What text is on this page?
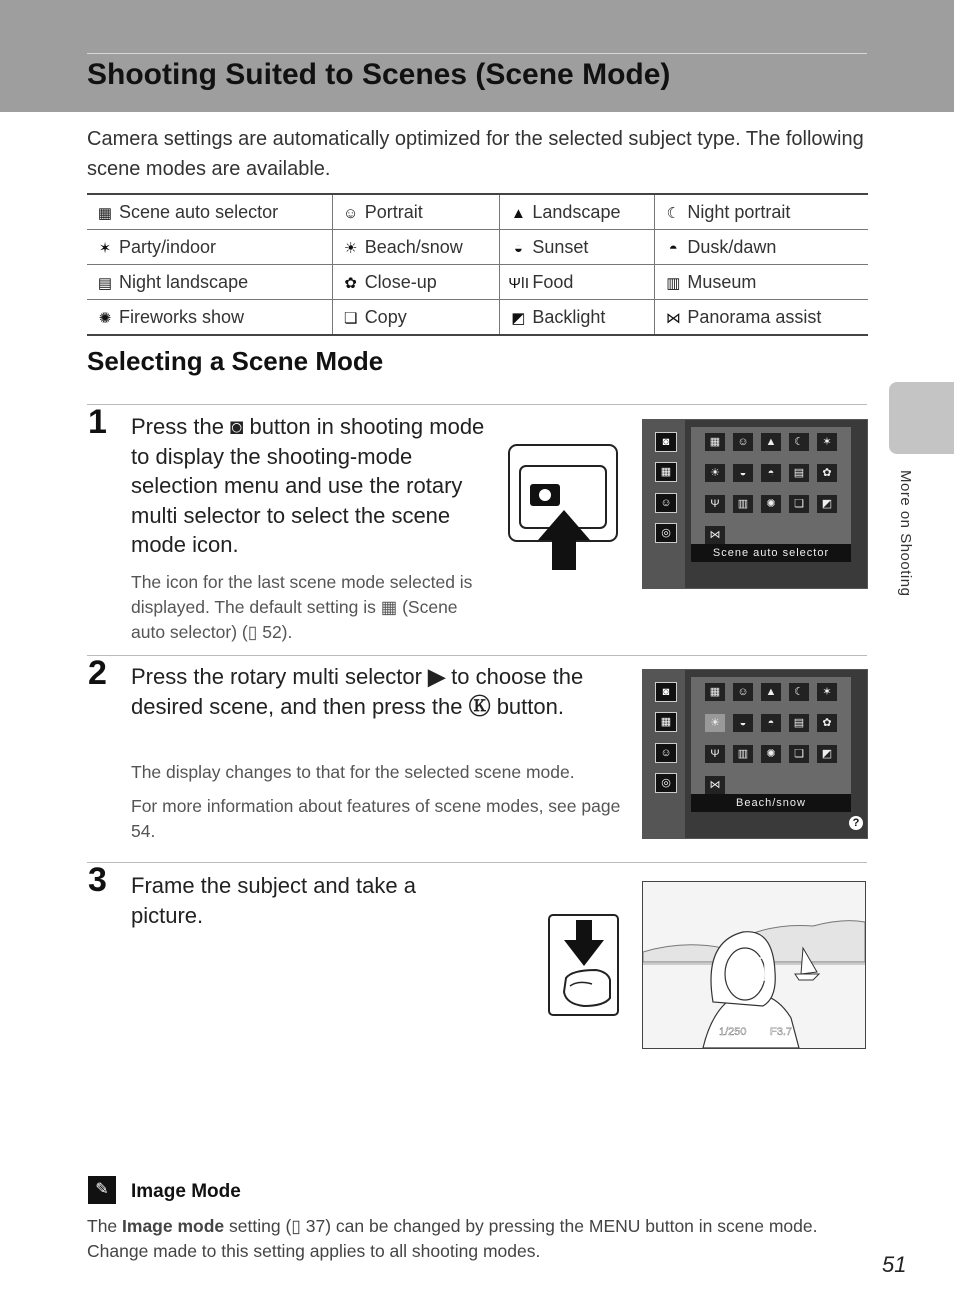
Shooting Suited to Scenes (Scene Mode)

Camera settings are automatically optimized for the selected subject type. The following scene modes are available.

▦ Scene auto selector	☺ Portrait	▲ Landscape	☾ Night portrait
✶ Party/indoor	☀ Beach/snow	◒ Sunset	◓ Dusk/dawn
▤ Night landscape	✿ Close-up	ΨǀΙ Food	▥ Museum
✺ Fireworks show	❏ Copy	◩ Backlight	⋈ Panorama assist
Selecting a Scene Mode
1 Press the ◙ button in shooting mode to display the shooting-mode selection menu and use the rotary multi selector to select the scene mode icon.

The icon for the last scene mode selected is displayed. The default setting is ▦ (Scene auto selector) (▯ 52).

◙
▦
☺
◎
▦	☺	▲	☾	✶
☀	◒	◓	▤	✿
Ψ	▥	✺	❏	◩
⋈
Scene auto selector
2 Press the rotary multi selector ▶ to choose the desired scene, and then press the Ⓚ button.

The display changes to that for the selected scene mode.

For more information about features of scene modes, see page 54.

◙
▦
☺
◎
▦	☺	▲	☾	✶
☀	◒	◓	▤	✿
Ψ	▥	✺	❏	◩
⋈
Beach/snow
?
3 Frame the subject and take a picture.

1/250 F3.7
✎	Image Mode

The Image mode setting (▯ 37) can be changed by pressing the MENU button in scene mode. Change made to this setting applies to all shooting modes.

More on Shooting
51
